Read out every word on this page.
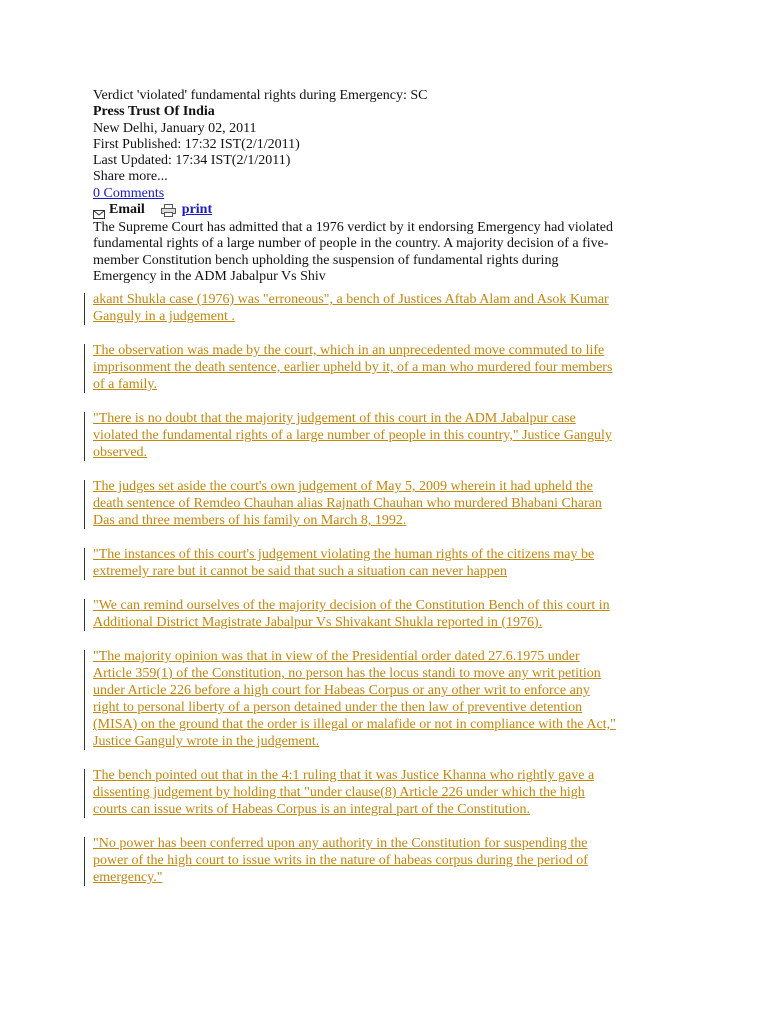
Verdict 'violated' fundamental rights during Emergency: SC
Press Trust Of India
New Delhi, January 02, 2011
First Published: 17:32 IST(2/1/2011)
Last Updated: 17:34 IST(2/1/2011)
Share more...
0 Comments
Email	print
The Supreme Court has admitted that a 1976 verdict by it endorsing Emergency had violated
fundamental rights of a large number of people in the country. A majority decision of a five-
member Constitution bench upholding the suspension of fundamental rights during
Emergency in the ADM Jabalpur Vs Shiv
akant Shukla case (1976) was "erroneous", a bench of Justices Aftab Alam and Asok Kumar
Ganguly in a judgement .
The observation was made by the court, which in an unprecedented move commuted to life
imprisonment the death sentence, earlier upheld by it, of a man who murdered four members
of a family.
"There is no doubt that the majority judgement of this court in the ADM Jabalpur case
violated the fundamental rights of a large number of people in this country," Justice Ganguly
observed.
The judges set aside the court's own judgement of May 5, 2009 wherein it had upheld the
death sentence of Remdeo Chauhan alias Rajnath Chauhan who murdered Bhabani Charan
Das and three members of his family on March 8, 1992.
"The instances of this court's judgement violating the human rights of the citizens may be
extremely rare but it cannot be said that such a situation can never happen
"We can remind ourselves of the majority decision of the Constitution Bench of this court in
Additional District Magistrate Jabalpur Vs Shivakant Shukla reported in (1976).
"The majority opinion was that in view of the Presidential order dated 27.6.1975 under
Article 359(1) of the Constitution, no person has the locus standi to move any writ petition
under Article 226 before a high court for Habeas Corpus or any other writ to enforce any
right to personal liberty of a person detained under the then law of preventive detention
(MISA) on the ground that the order is illegal or malafide or not in compliance with the Act,"
Justice Ganguly wrote in the judgement.
The bench pointed out that in the 4:1 ruling that it was Justice Khanna who rightly gave a
dissenting judgement by holding that "under clause(8) Article 226 under which the high
courts can issue writs of Habeas Corpus is an integral part of the Constitution.
"No power has been conferred upon any authority in the Constitution for suspending the
power of the high court to issue writs in the nature of habeas corpus during the period of
emergency."
